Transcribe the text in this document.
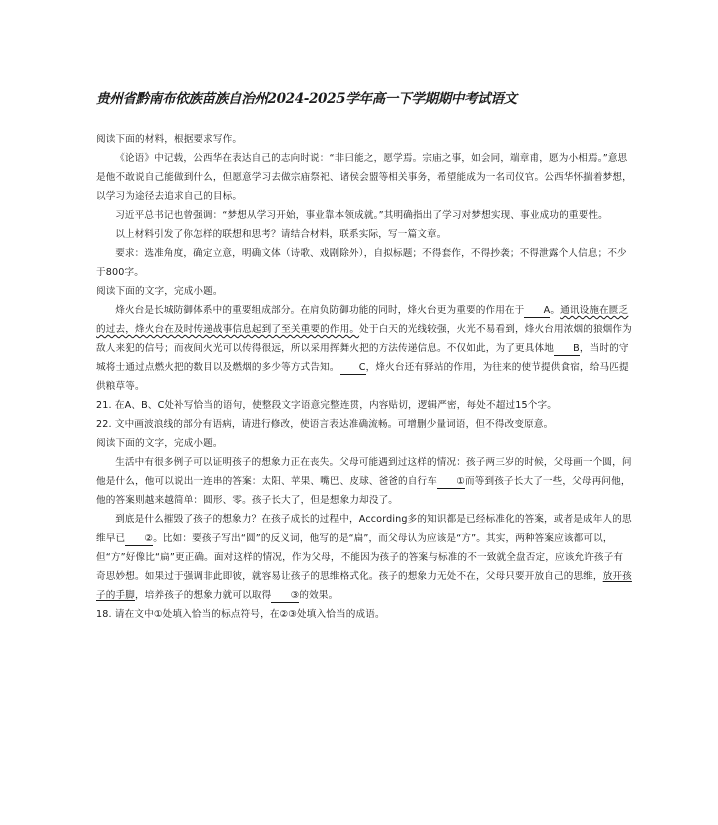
贵州省黔南布依族苗族自治州2024-2025学年高一下学期期中考试语文

阅读下面的材料，根据要求写作。

《论语》中记载，公西华在表达自己的志向时说：“非曰能之，愿学焉。宗庙之事，如会同，端章甫，愿为小相焉。”意思是他不敢说自己能做到什么，但愿意学习去做宗庙祭祀、诸侯会盟等相关事务，希望能成为一名司仪官。公西华怀揣着梦想，以学习为途径去追求自己的目标。

习近平总书记也曾强调：“梦想从学习开始，事业靠本领成就。”其明确指出了学习对梦想实现、事业成功的重要性。

以上材料引发了你怎样的联想和思考？请结合材料，联系实际，写一篇文章。

要求：选准角度，确定立意，明确文体（诗歌、戏剧除外），自拟标题；不得套作，不得抄袭；不得泄露个人信息；不少于800字。

阅读下面的文字，完成小题。

烽火台是长城防御体系中的重要组成部分。在肩负防御功能的同时，烽火台更为重要的作用在于 A。通讯设施在匮乏的过去，烽火台在及时传递战事信息起到了至关重要的作用。处于白天的光线较强，火光不易看到，烽火台用浓烟的狼烟作为敌人来犯的信号；而夜间火光可以传得很远，所以采用挥舞火把的方法传递信息。不仅如此，为了更具体地 B，当时的守城将士通过点燃火把的数目以及燃烟的多少等方式告知。 C，烽火台还有驿站的作用，为往来的使节提供食宿，给马匹提供粮草等。

21. 在A、B、C处补写恰当的语句，使整段文字语意完整连贯，内容贴切，逻辑严密，每处不超过15个字。

22. 文中画波浪线的部分有语病，请进行修改，使语言表达准确流畅。可增删少量词语，但不得改变原意。

阅读下面的文字，完成小题。

生活中有很多例子可以证明孩子的想象力正在丧失。父母可能遇到过这样的情况：孩子两三岁的时候，父母画一个圆，问他是什么，他可以说出一连串的答案：太阳、苹果、嘴巴、皮球、爸爸的自行车 ①而等到孩子长大了一些，父母再问他，他的答案则越来越简单：圆形、零。孩子长大了，但是想象力却没了。

到底是什么摧毁了孩子的想象力？在孩子成长的过程中，According多的知识都是已经标准化的答案，或者是成年人的思维早已 ②。比如：要孩子写出“圆”的反义词，他写的是“扁”，而父母认为应该是“方”。其实，两种答案应该都可以，但“方”好像比“扁”更正确。面对这样的情况，作为父母，不能因为孩子的答案与标准的不一致就全盘否定，应该允许孩子有奇思妙想。如果过于强调非此即彼，就容易让孩子的思维格式化。孩子的想象力无处不在，父母只要开放自己的思维，放开孩子的手脚，培养孩子的想象力就可以取得 ③的效果。

18. 请在文中①处填入恰当的标点符号，在②③处填入恰当的成语。
